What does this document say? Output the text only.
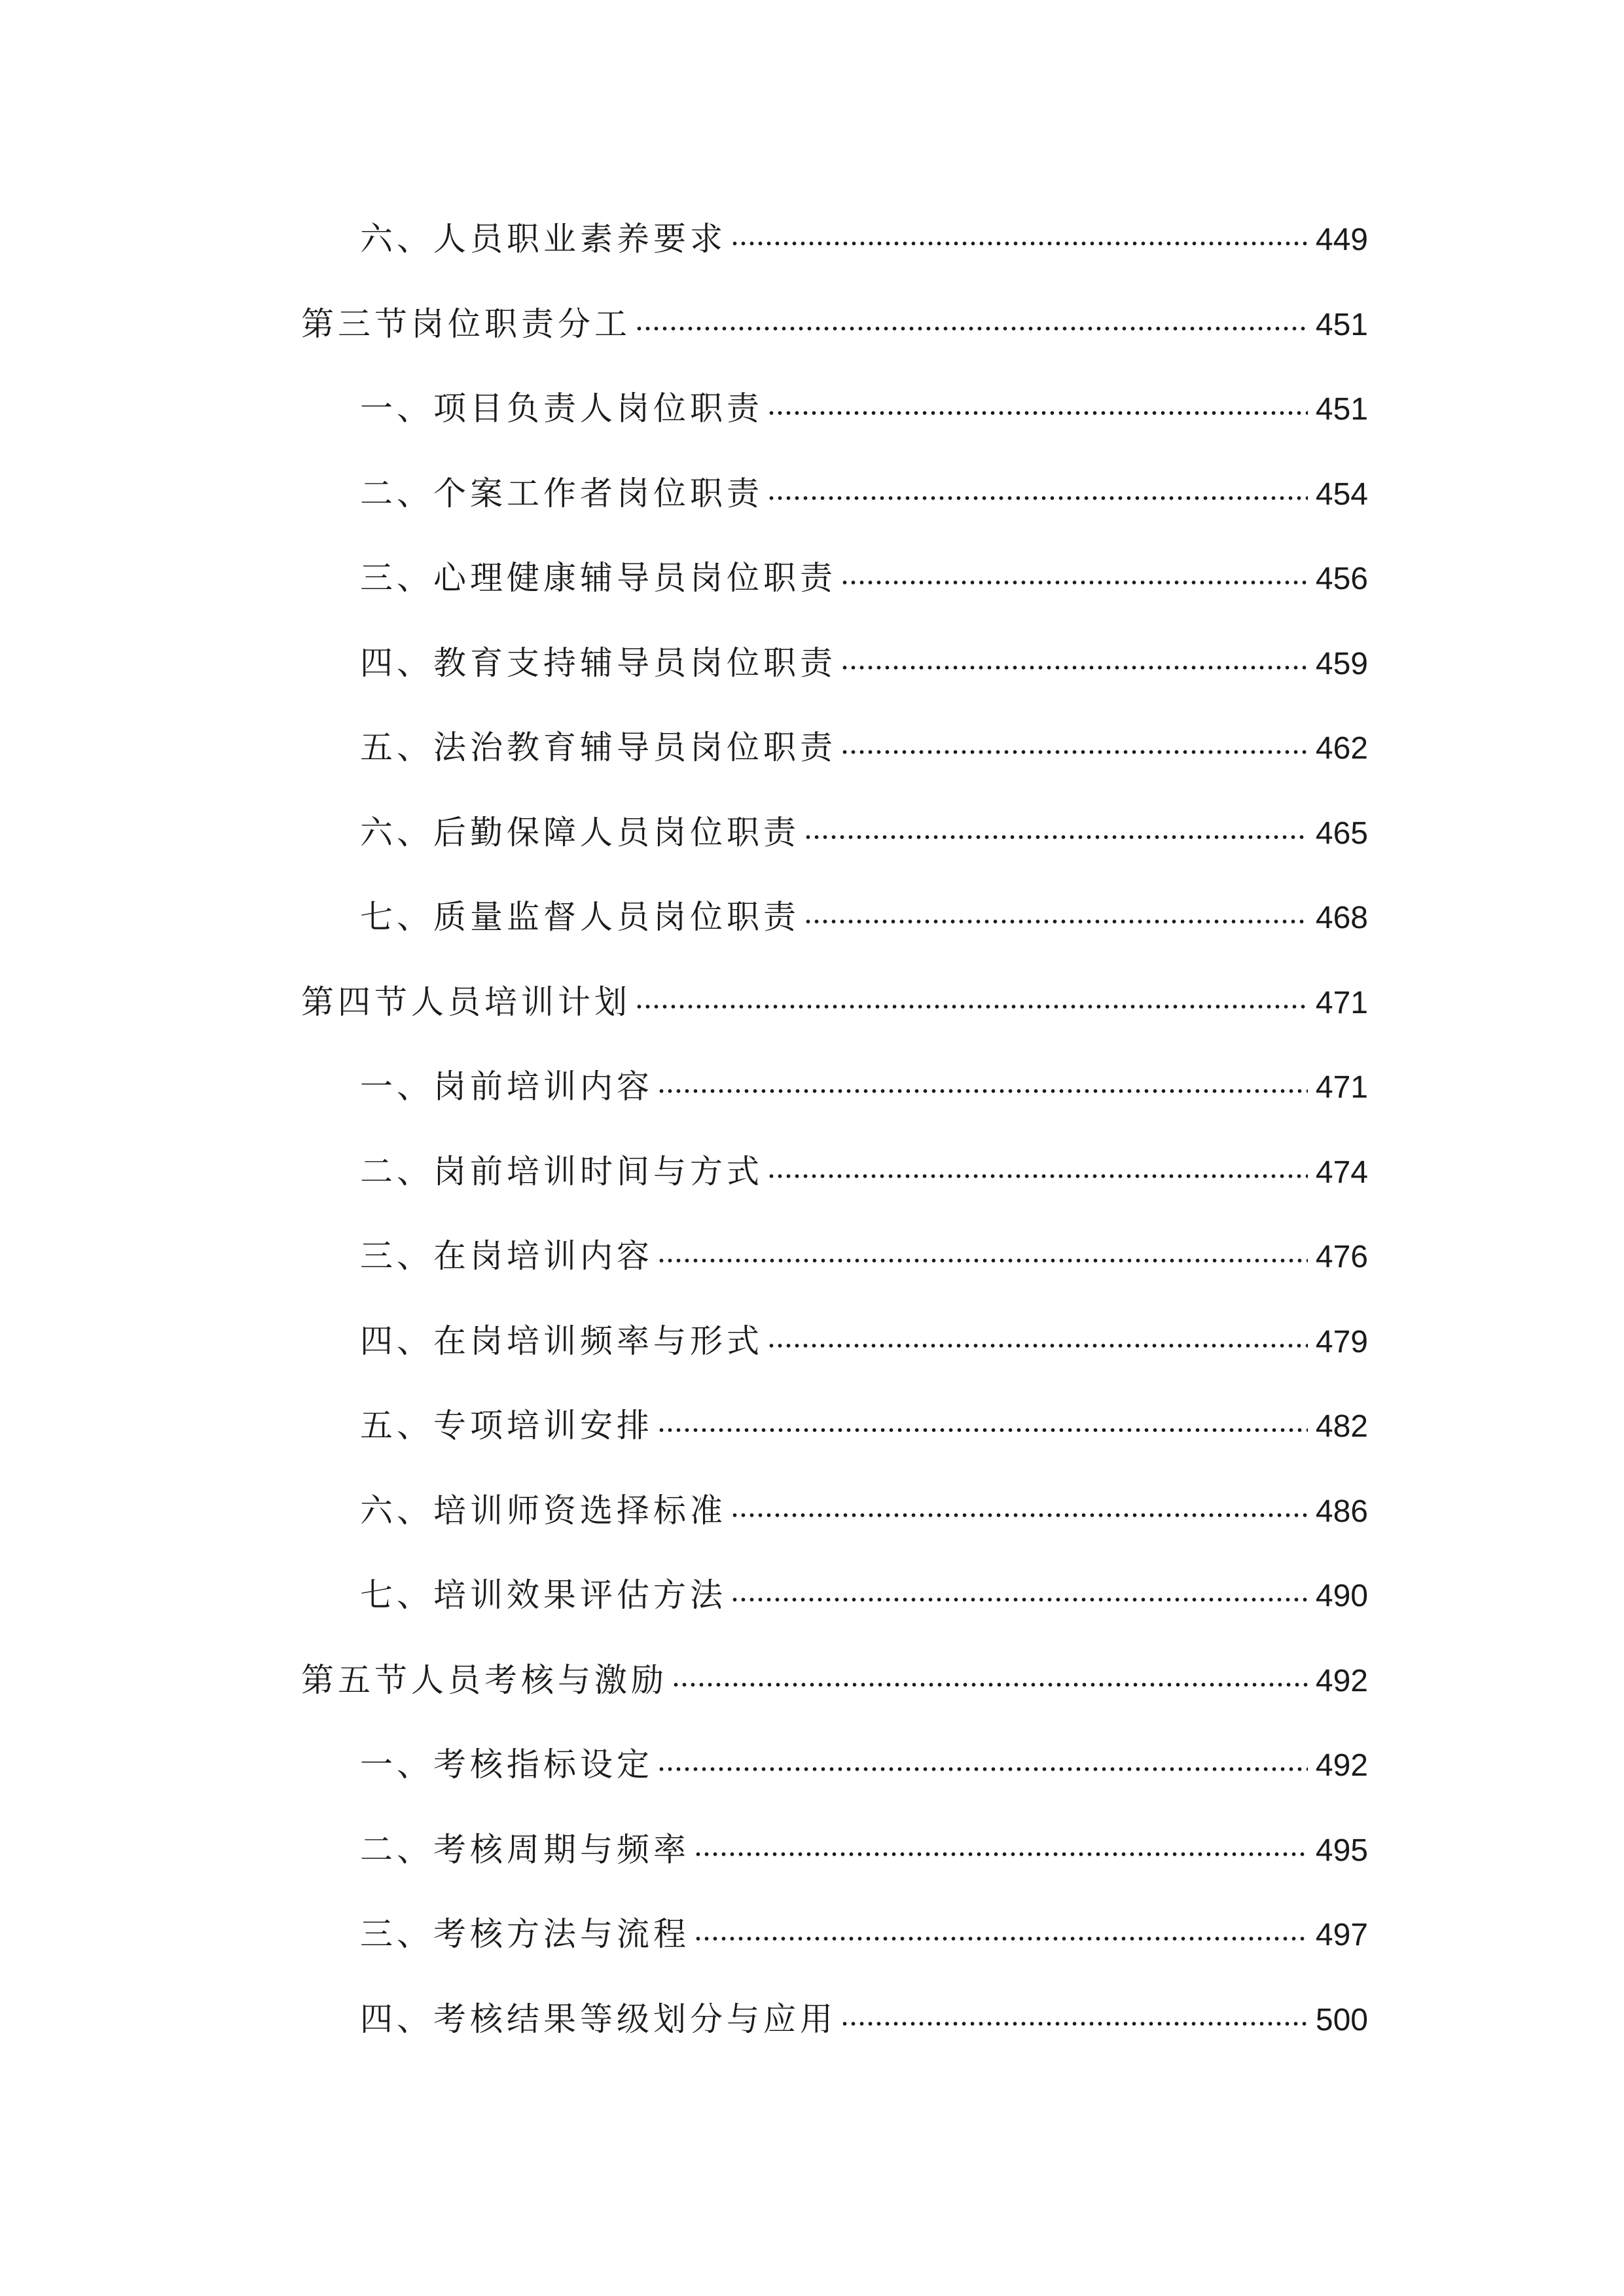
六、人员职业素养要求	449
第三节岗位职责分工	451
一、项目负责人岗位职责	451
二、个案工作者岗位职责	454
三、心理健康辅导员岗位职责	456
四、教育支持辅导员岗位职责	459
五、法治教育辅导员岗位职责	462
六、后勤保障人员岗位职责	465
七、质量监督人员岗位职责	468
第四节人员培训计划	471
一、岗前培训内容	471
二、岗前培训时间与方式	474
三、在岗培训内容	476
四、在岗培训频率与形式	479
五、专项培训安排	482
六、培训师资选择标准	486
七、培训效果评估方法	490
第五节人员考核与激励	492
一、考核指标设定	492
二、考核周期与频率	495
三、考核方法与流程	497
四、考核结果等级划分与应用	500
